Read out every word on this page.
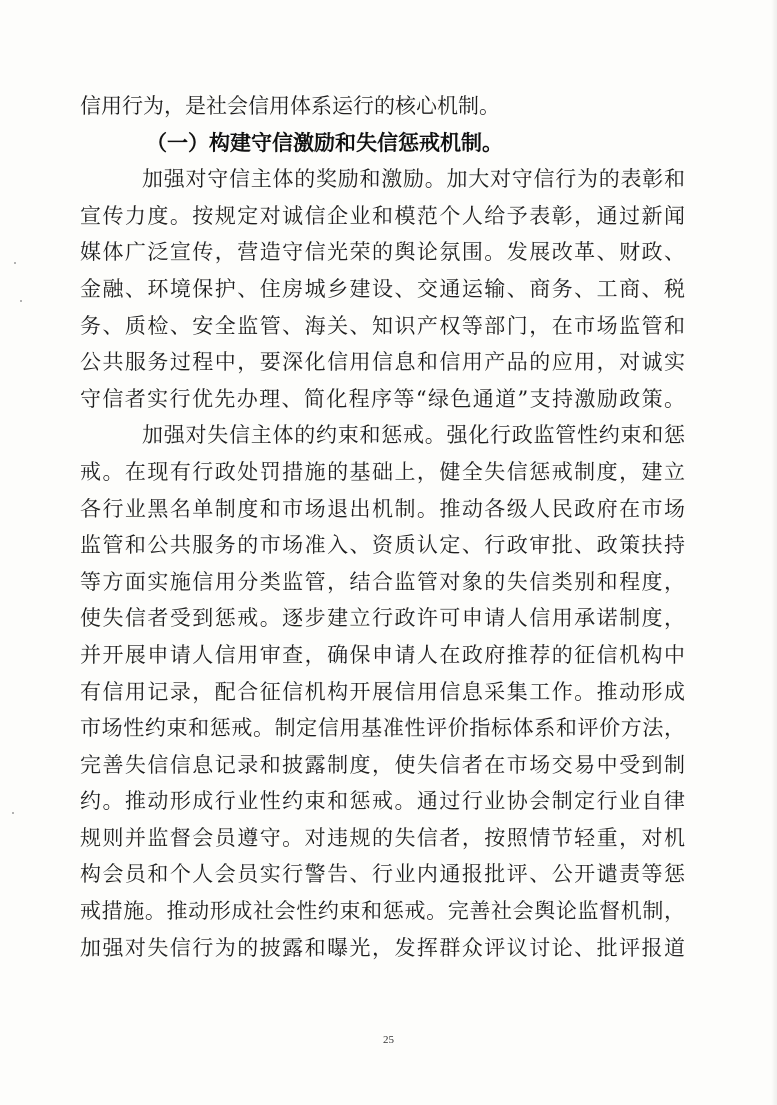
信用行为，是社会信用体系运行的核心机制。
（一）构建守信激励和失信惩戒机制。
加强对守信主体的奖励和激励。加大对守信行为的表彰和
宣传力度。按规定对诚信企业和模范个人给予表彰，通过新闻
媒体广泛宣传，营造守信光荣的舆论氛围。发展改革、财政、
金融、环境保护、住房城乡建设、交通运输、商务、工商、税
务、质检、安全监管、海关、知识产权等部门，在市场监管和
公共服务过程中，要深化信用信息和信用产品的应用，对诚实
守信者实行优先办理、简化程序等“绿色通道”支持激励政策。
加强对失信主体的约束和惩戒。强化行政监管性约束和惩
戒。在现有行政处罚措施的基础上，健全失信惩戒制度，建立
各行业黑名单制度和市场退出机制。推动各级人民政府在市场
监管和公共服务的市场准入、资质认定、行政审批、政策扶持
等方面实施信用分类监管，结合监管对象的失信类别和程度，
使失信者受到惩戒。逐步建立行政许可申请人信用承诺制度，
并开展申请人信用审查，确保申请人在政府推荐的征信机构中
有信用记录，配合征信机构开展信用信息采集工作。推动形成
市场性约束和惩戒。制定信用基准性评价指标体系和评价方法，
完善失信信息记录和披露制度，使失信者在市场交易中受到制
约。推动形成行业性约束和惩戒。通过行业协会制定行业自律
规则并监督会员遵守。对违规的失信者，按照情节轻重，对机
构会员和个人会员实行警告、行业内通报批评、公开谴责等惩
戒措施。推动形成社会性约束和惩戒。完善社会舆论监督机制，
加强对失信行为的披露和曝光，发挥群众评议讨论、批评报道
25
